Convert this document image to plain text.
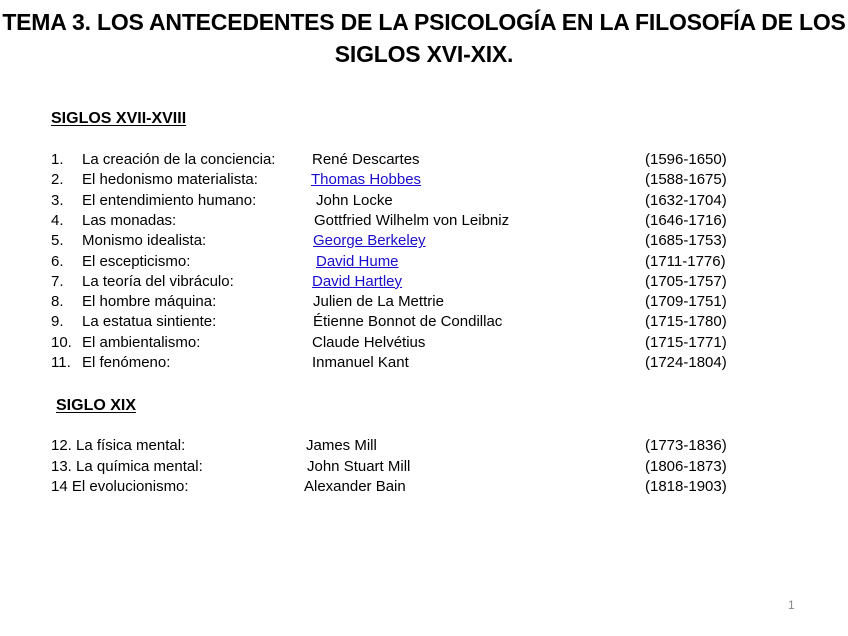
TEMA 3. LOS ANTECEDENTES DE LA PSICOLOGÍA EN LA FILOSOFÍA DE LOS SIGLOS XVI-XIX.
SIGLOS XVII-XVIII
1. La creación de la conciencia: René Descartes	(1596-1650)
2. El hedonismo materialista:	Thomas Hobbes	(1588-1675)
3. El entendimiento humano:	John Locke	(1632-1704)
4. Las monadas:	Gottfried Wilhelm von Leibniz	(1646-1716)
5. Monismo idealista:	George Berkeley	(1685-1753)
6. El escepticismo:	David Hume	(1711-1776)
7. La teoría del vibráculo:	David Hartley	(1705-1757)
8. El hombre máquina:	Julien de La Mettrie	(1709-1751)
9. La estatua sintiente:	Étienne Bonnot de Condillac	(1715-1780)
10. El ambientalismo:	Claude Helvétius	(1715-1771)
11. El fenómeno:	Inmanuel Kant	(1724-1804)
SIGLO XIX
12. La física mental:	James Mill	(1773-1836)
13. La química mental:	John Stuart Mill	(1806-1873)
14 El evolucionismo:	Alexander Bain	(1818-1903)
1
